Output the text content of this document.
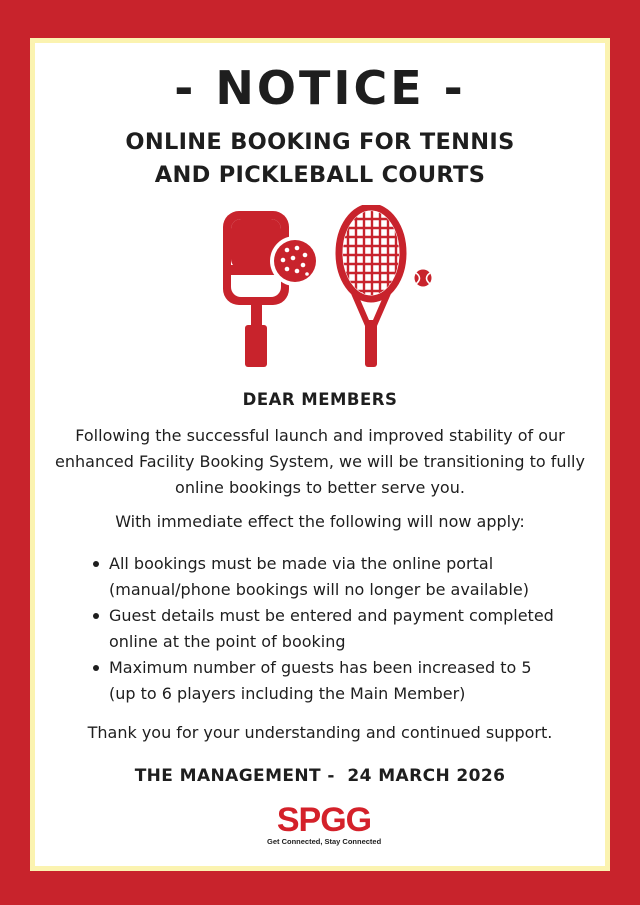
- NOTICE -
ONLINE BOOKING FOR TENNIS
AND PICKLEBALL COURTS
DEAR MEMBERS
Following the successful launch and improved stability of our enhanced Facility Booking System, we will be transitioning to fully online bookings to better serve you.
With immediate effect the following will now apply:
All bookings must be made via the online portal
(manual/phone bookings will no longer be available)
Guest details must be entered and payment completed
online at the point of booking
Maximum number of guests has been increased to 5
(up to 6 players including the Main Member)
Thank you for your understanding and continued support.
THE MANAGEMENT -  24 MARCH 2026
SPGG
Get Connected, Stay Connected
